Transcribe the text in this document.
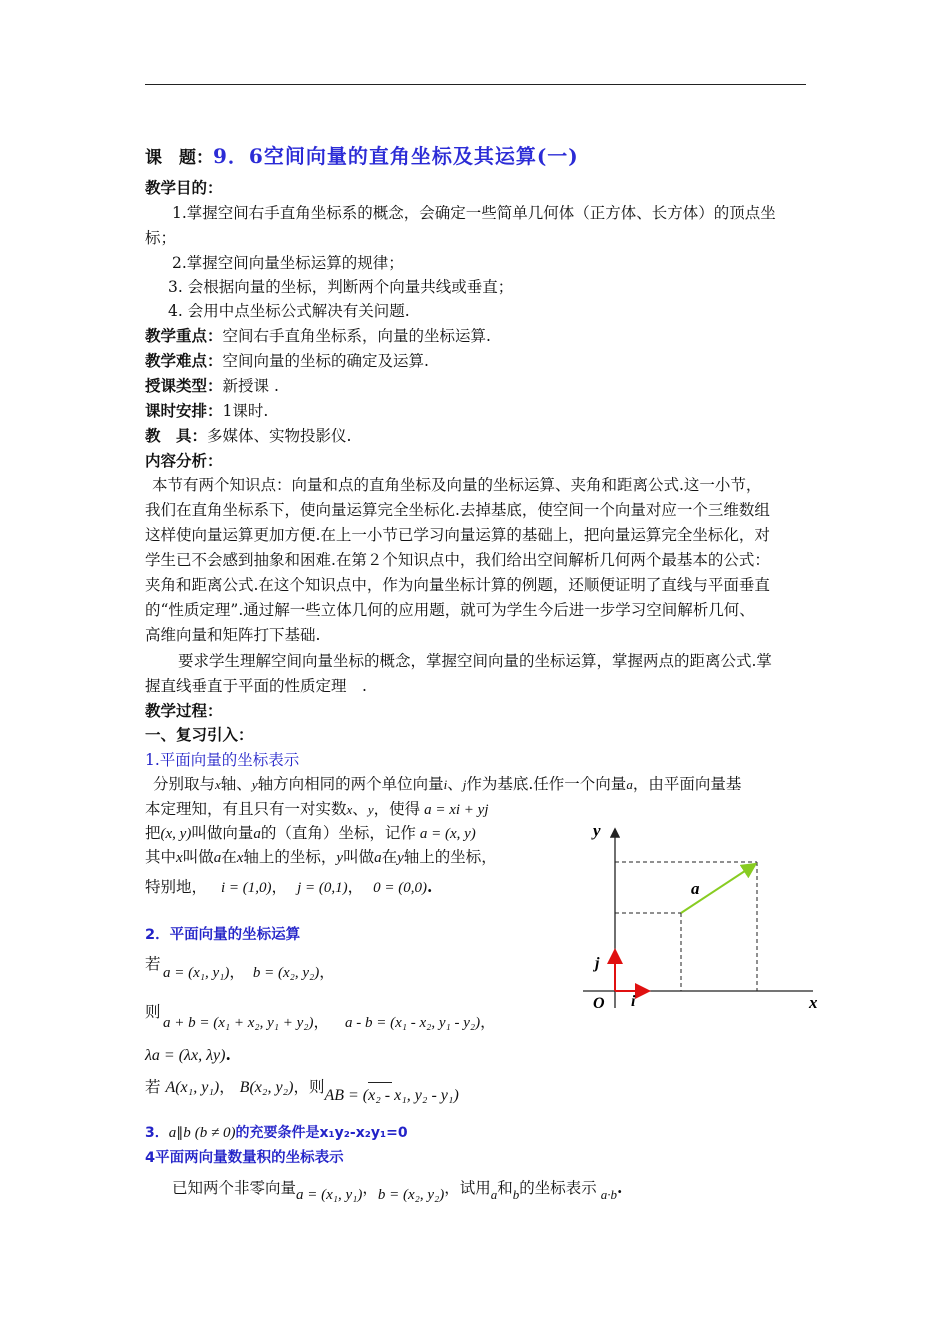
课　题：9．6空间向量的直角坐标及其运算(一)
教学目的：
1.掌握空间右手直角坐标系的概念，会确定一些简单几何体（正方体、长方体）的顶点坐
标；
2.掌握空间向量坐标运算的规律；
3. 会根据向量的坐标，判断两个向量共线或垂直；
4. 会用中点坐标公式解决有关问题.
教学重点：空间右手直角坐标系，向量的坐标运算.
教学难点：空间向量的坐标的确定及运算.
授课类型：新授课 .
课时安排：1课时.
教　具：多媒体、实物投影仪.
内容分析：
本节有两个知识点：向量和点的直角坐标及向量的坐标运算、夹角和距离公式.这一小节，
我们在直角坐标系下，使向量运算完全坐标化.去掉基底，使空间一个向量对应一个三维数组
这样使向量运算更加方便.在上一小节已学习向量运算的基础上，把向量运算完全坐标化，对
学生已不会感到抽象和困难.在第２个知识点中，我们给出空间解析几何两个最基本的公式：
夹角和距离公式.在这个知识点中，作为向量坐标计算的例题，还顺便证明了直线与平面垂直
的“性质定理”.通过解一些立体几何的应用题，就可为学生今后进一步学习空间解析几何、
高维向量和矩阵打下基础.
要求学生理解空间向量坐标的概念，掌握空间向量的坐标运算，掌握两点的距离公式.掌
握直线垂直于平面的性质定理　.
教学过程：
一、复习引入：
1.平面向量的坐标表示
分别取与x轴、y轴方向相同的两个单位向量i、j作为基底.任作一个向量a，由平面向量基
本定理知，有且只有一对实数x、y，使得 a = xi + yj
把(x, y)叫做向量a的（直角）坐标，记作 a = (x, y)
其中x叫做a在x轴上的坐标，y叫做a在y轴上的坐标，
特别地， i = (1,0)， j = (0,1)， 0 = (0,0).
2．平面向量的坐标运算
若 a = (x₁, y₁)， b = (x₂, y₂)，
则
a + b = (x₁ + x₂, y₁ + y₂)， a - b = (x₁ - x₂, y₁ - y₂)，
λa = (λx, λy).
若 A(x₁, y₁)， B(x₂, y₂)，则AB = (x₂ - x₁, y₂ - y₁)
3．a∥b (b ≠ 0)的充要条件是x₁y₂-x₂y₁=0
4平面两向量数量积的坐标表示
已知两个非零向量a = (x₁, y₁)，b = (x₂, y₂)，试用$_a$和$_b$的坐标表示 $_{a\cdot b}$.
y
x
O i
j
a
